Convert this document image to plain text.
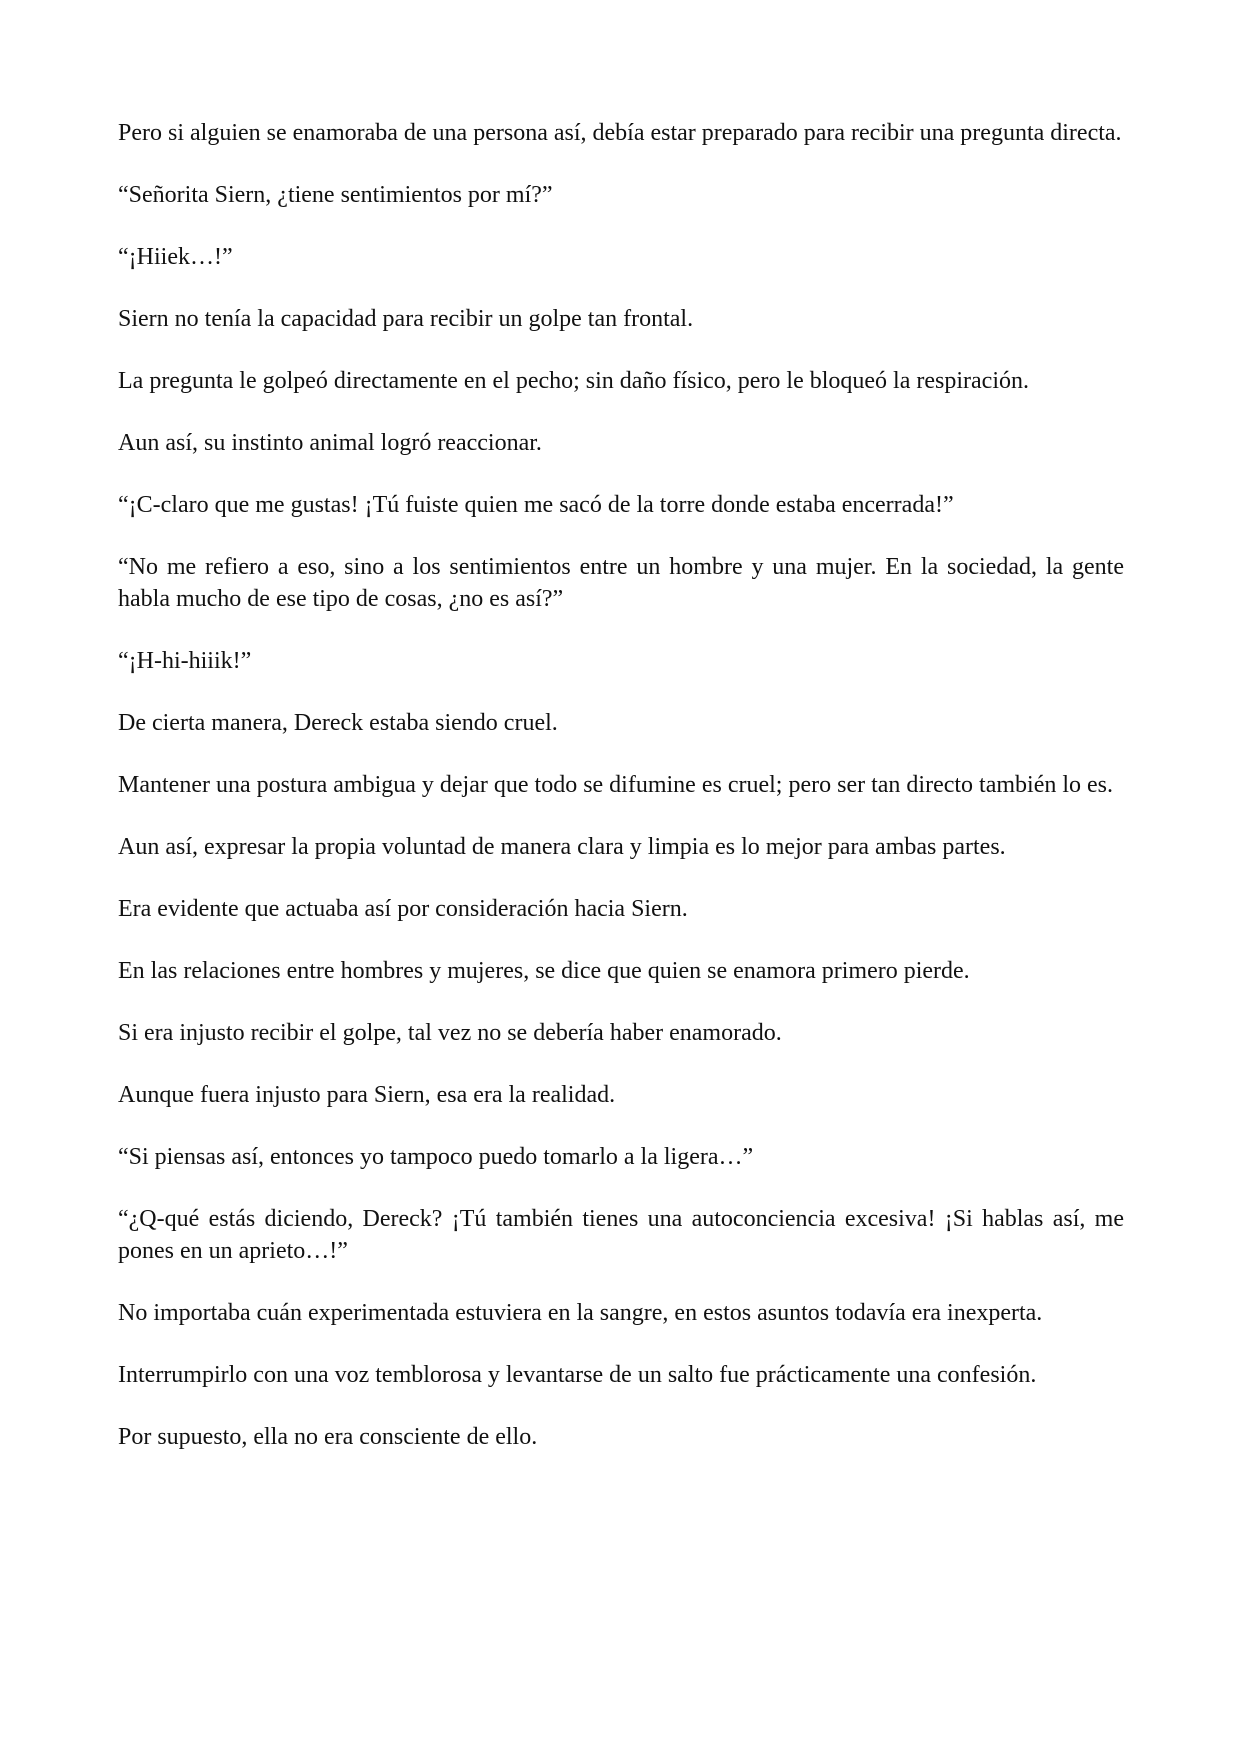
Pero si alguien se enamoraba de una persona así, debía estar preparado para recibir una pregunta directa.

“Señorita Siern, ¿tiene sentimientos por mí?”

“¡Hiiek…!”

Siern no tenía la capacidad para recibir un golpe tan frontal.

La pregunta le golpeó directamente en el pecho; sin daño físico, pero le bloqueó la respiración.

Aun así, su instinto animal logró reaccionar.

“¡C-claro que me gustas! ¡Tú fuiste quien me sacó de la torre donde estaba encerrada!”

“No me refiero a eso, sino a los sentimientos entre un hombre y una mujer. En la sociedad, la gente habla mucho de ese tipo de cosas, ¿no es así?”

“¡H-hi-hiiik!”

De cierta manera, Dereck estaba siendo cruel.

Mantener una postura ambigua y dejar que todo se difumine es cruel; pero ser tan directo también lo es.

Aun así, expresar la propia voluntad de manera clara y limpia es lo mejor para ambas partes.

Era evidente que actuaba así por consideración hacia Siern.

En las relaciones entre hombres y mujeres, se dice que quien se enamora primero pierde.

Si era injusto recibir el golpe, tal vez no se debería haber enamorado.

Aunque fuera injusto para Siern, esa era la realidad.

“Si piensas así, entonces yo tampoco puedo tomarlo a la ligera…”

“¿Q-qué estás diciendo, Dereck? ¡Tú también tienes una autoconciencia excesiva! ¡Si hablas así, me pones en un aprieto…!”

No importaba cuán experimentada estuviera en la sangre, en estos asuntos todavía era inexperta.

Interrumpirlo con una voz temblorosa y levantarse de un salto fue prácticamente una confesión.

Por supuesto, ella no era consciente de ello.
